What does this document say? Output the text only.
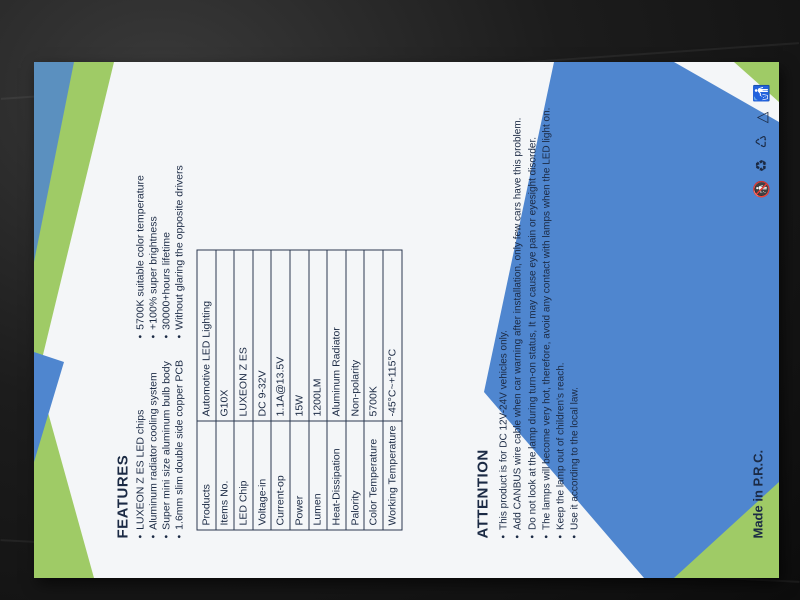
FEATURES • LUXEON Z ES LED chips • Aluminum radiator cooling system • Super mini size aluminum bulb body • 1.6mm slim double side copper PCB
• 5700K suitable color temperature • +100% super brightness • 30000+hours lifetime • Without glaring the opposite drivers
Products	Automotive LED Lighting
Items No.	G10X
LED Chip	LUXEON Z ES
Voltage-in	DC 9-32V
Current-op	1.1A@13.5V
Power	15W
Lumen	1200LM
Heat-Dissipation	Aluminum Radiator
Palority	Non-polarity
Color Temperature	5700K
Working Temperature	-45°C~+115°C
ATTENTION • This product is for DC 12V-24V vehicles only. • Add CANBUS wire cable when car warning after installation, only few cars have this problem. • Do not look at the lamp during turn-on status, It may cause eye pain or eyesight disorder. • The lamps will become very hot, therefore, avoid any contact with lamps when the LED light on. • Keep the lamp out of children's reach. • Use it according to the local law.	Made in P.R.C.
🚯
♻
♺
△
🚮
